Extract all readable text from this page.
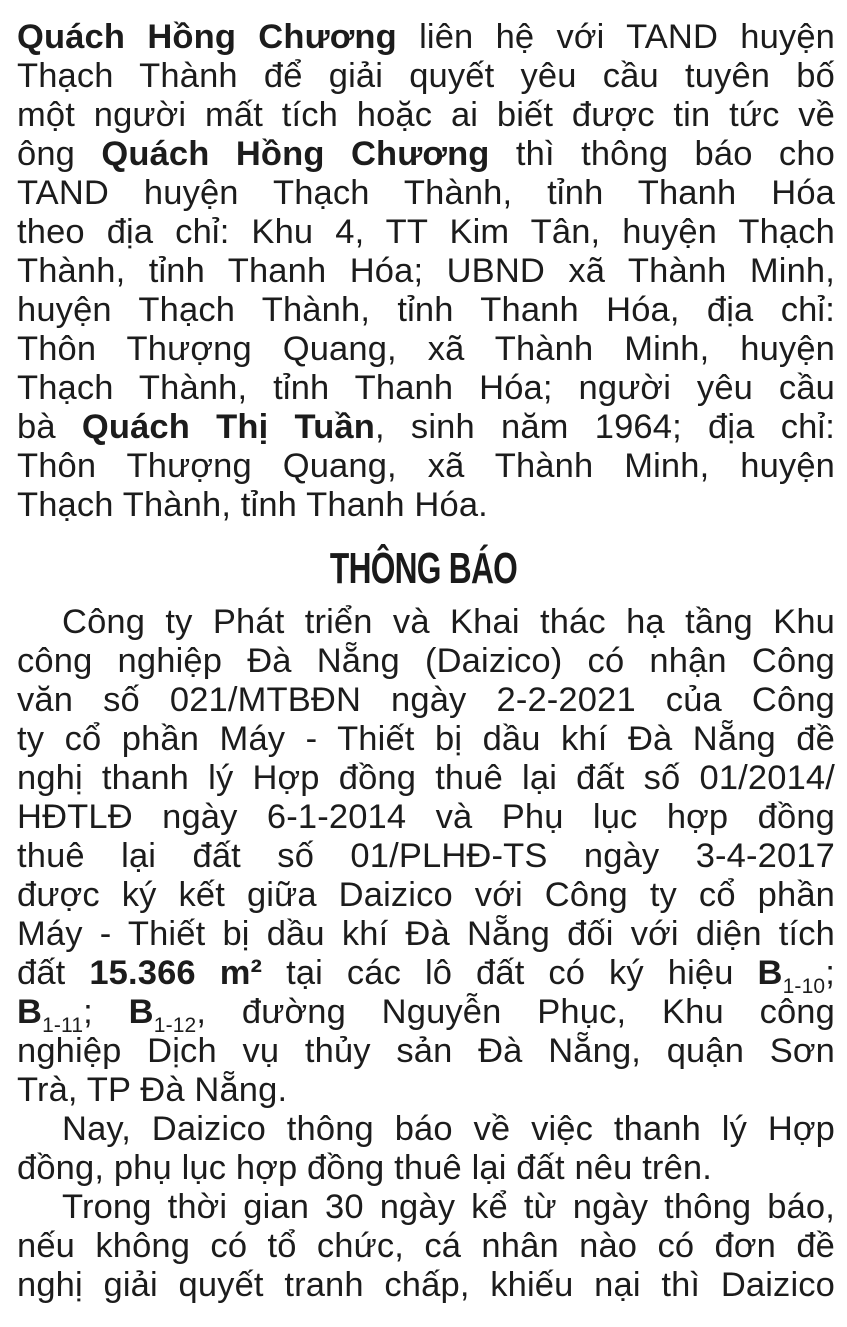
Quách Hồng Chương liên hệ với TAND huyện
Thạch Thành để giải quyết yêu cầu tuyên bố
một người mất tích hoặc ai biết được tin tức về
ông Quách Hồng Chương thì thông báo cho
TAND huyện Thạch Thành, tỉnh Thanh Hóa
theo địa chỉ: Khu 4, TT Kim Tân, huyện Thạch
Thành, tỉnh Thanh Hóa; UBND xã Thành Minh,
huyện Thạch Thành, tỉnh Thanh Hóa, địa chỉ:
Thôn Thượng Quang, xã Thành Minh, huyện
Thạch Thành, tỉnh Thanh Hóa; người yêu cầu
bà Quách Thị Tuần, sinh năm 1964; địa chỉ:
Thôn Thượng Quang, xã Thành Minh, huyện
Thạch Thành, tỉnh Thanh Hóa.
THÔNG BÁO
Công ty Phát triển và Khai thác hạ tầng Khu
công nghiệp Đà Nẵng (Daizico) có nhận Công
văn số 021/MTBĐN ngày 2-2-2021 của Công
ty cổ phần Máy - Thiết bị dầu khí Đà Nẵng đề
nghị thanh lý Hợp đồng thuê lại đất số 01/2014/
HĐTLĐ ngày 6-1-2014 và Phụ lục hợp đồng
thuê lại đất số 01/PLHĐ-TS ngày 3-4-2017
được ký kết giữa Daizico với Công ty cổ phần
Máy - Thiết bị dầu khí Đà Nẵng đối với diện tích
đất 15.366 m² tại các lô đất có ký hiệu $B_{1-10}$;
$B_{1-11}$; $B_{1-12}$, đường Nguyễn Phục, Khu công
nghiệp Dịch vụ thủy sản Đà Nẵng, quận Sơn
Trà, TP Đà Nẵng.
Nay, Daizico thông báo về việc thanh lý Hợp
đồng, phụ lục hợp đồng thuê lại đất nêu trên.
Trong thời gian 30 ngày kể từ ngày thông báo,
nếu không có tổ chức, cá nhân nào có đơn đề
nghị giải quyết tranh chấp, khiếu nại thì Daizico
